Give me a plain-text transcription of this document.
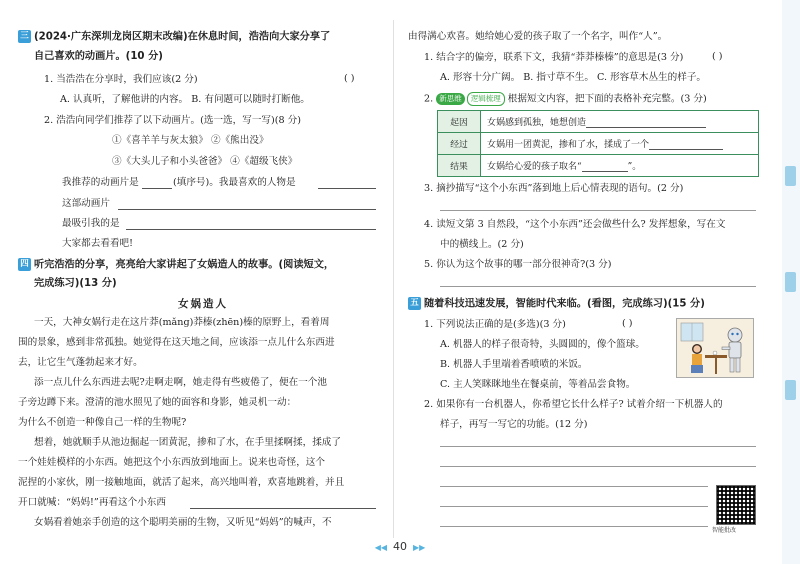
三 (2024·广东深圳龙岗区期末改编)在休息时间，浩浩向大家分享了
自己喜欢的动画片。(10 分)
1. 当浩浩在分享时，我们应该(2 分)	( )
A. 认真听，了解他讲的内容。 B. 有问题可以随时打断他。
2. 浩浩向同学们推荐了以下动画片。(选一选，写一写)(8 分)
①《喜羊羊与灰太狼》 ②《熊出没》
③《大头儿子和小头爸爸》 ④《超级飞侠》
我推荐的动画片是	(填序号)。我最喜欢的人物是
这部动画片
最吸引我的是
大家都去看看吧!
四 听完浩浩的分享，亮亮给大家讲起了女娲造人的故事。(阅读短文，
完成练习)(13 分)
女娲造人
一天，大神女娲行走在这片莽(mǎng)莽榛(zhēn)榛的原野上，看着周
围的景象，感到非常孤独。她觉得在这天地之间，应该添一点儿什么东西进
去，让它生气蓬勃起来才好。
添一点儿什么东西进去呢?走啊走啊，她走得有些疲倦了，便在一个池
子旁边蹲下来。澄清的池水照见了她的面容和身影，她灵机一动：
为什么不创造一种像自己一样的生物呢?
想着，她就顺手从池边掘起一团黄泥，掺和了水，在手里揉啊揉，揉成了
一个娃娃模样的小东西。她把这个小东西放到地面上。说来也奇怪，这个
泥捏的小家伙，刚一接触地面，就活了起来，高兴地叫着，欢喜地跳着，并且
开口就喊：“妈妈!”再看这个小东西
女娲看着她亲手创造的这个聪明美丽的生物，又听见“妈妈”的喊声，不
由得满心欢喜。她给她心爱的孩子取了一个名字，叫作“人”。
1. 结合字的偏旁，联系下文，我猜“莽莽榛榛”的意思是(3 分)	( )
A. 形容十分广阔。 B. 指寸草不生。 C. 形容草木丛生的样子。
2. 新思维 逻辑梳理 根据短文内容，把下面的表格补充完整。(3 分)
起因	女娲感到孤独，她想创造
经过	女娲用一团黄泥，掺和了水，揉成了一个
结果	女娲给心爱的孩子取名“ ”。
3. 摘抄描写“这个小东西”落到地上后心情表现的语句。(2 分)
4. 读短文第 3 自然段，“这个小东西”还会做些什么? 发挥想象，写在文
中的横线上。(2 分)
5. 你认为这个故事的哪一部分很神奇?(3 分)
五 随着科技迅速发展，智能时代来临。(看图，完成练习)(15 分)
1. 下列说法正确的是(多选)(3 分)	( )
A. 机器人的样子很奇特，头圆圆的，像个篮球。
B. 机器人手里端着香喷喷的米饭。
C. 主人笑眯眯地坐在餐桌前，等着品尝食物。
2. 如果你有一台机器人，你希望它长什么样子? 试着介绍一下机器人的
样子，再写一写它的功能。(12 分)
智能批改
◀◀ 40 ▶▶
